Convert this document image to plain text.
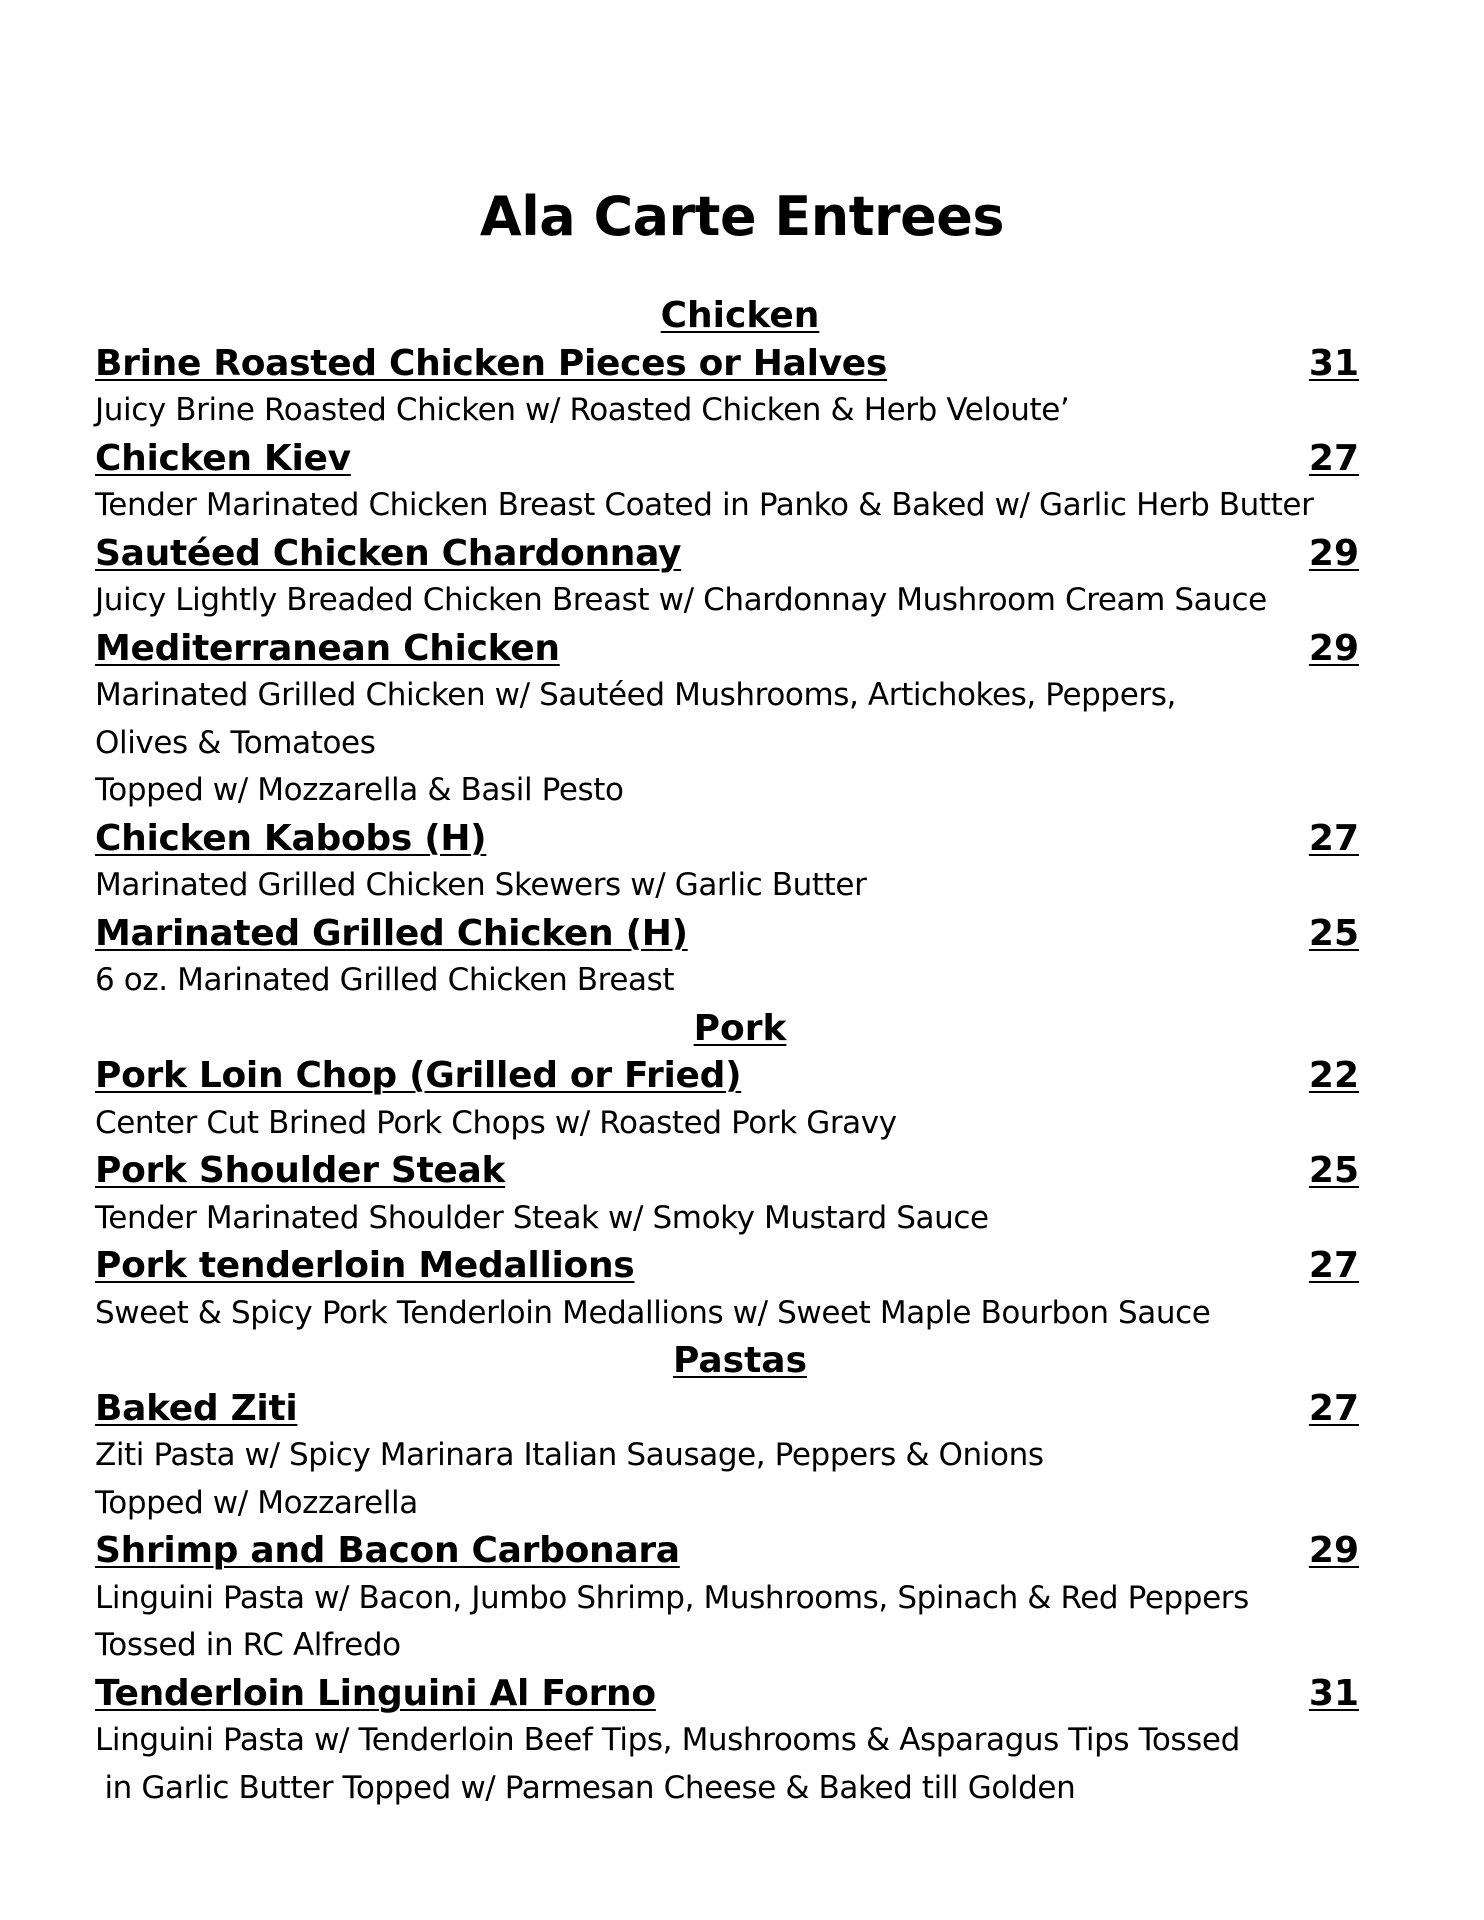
Ala Carte Entrees
Chicken
Brine Roasted Chicken Pieces or Halves	31
Juicy Brine Roasted Chicken w/ Roasted Chicken & Herb Veloute’
Chicken Kiev	27
Tender Marinated Chicken Breast Coated in Panko & Baked w/ Garlic Herb Butter
Sautéed Chicken Chardonnay	29
Juicy Lightly Breaded Chicken Breast w/ Chardonnay Mushroom Cream Sauce
Mediterranean Chicken	29
Marinated Grilled Chicken w/ Sautéed Mushrooms, Artichokes, Peppers,
Olives & Tomatoes
Topped w/ Mozzarella & Basil Pesto
Chicken Kabobs (H)	27
Marinated Grilled Chicken Skewers w/ Garlic Butter
Marinated Grilled Chicken (H)	25
6 oz. Marinated Grilled Chicken Breast
Pork
Pork Loin Chop (Grilled or Fried)	22
Center Cut Brined Pork Chops w/ Roasted Pork Gravy
Pork Shoulder Steak	25
Tender Marinated Shoulder Steak w/ Smoky Mustard Sauce
Pork tenderloin Medallions	27
Sweet & Spicy Pork Tenderloin Medallions w/ Sweet Maple Bourbon Sauce
Pastas
Baked Ziti	27
Ziti Pasta w/ Spicy Marinara Italian Sausage, Peppers & Onions
Topped w/ Mozzarella
Shrimp and Bacon Carbonara	29
Linguini Pasta w/ Bacon, Jumbo Shrimp, Mushrooms, Spinach & Red Peppers
Tossed in RC Alfredo
Tenderloin Linguini Al Forno	31
Linguini Pasta w/ Tenderloin Beef Tips, Mushrooms & Asparagus Tips Tossed
in Garlic Butter Topped w/ Parmesan Cheese & Baked till Golden
